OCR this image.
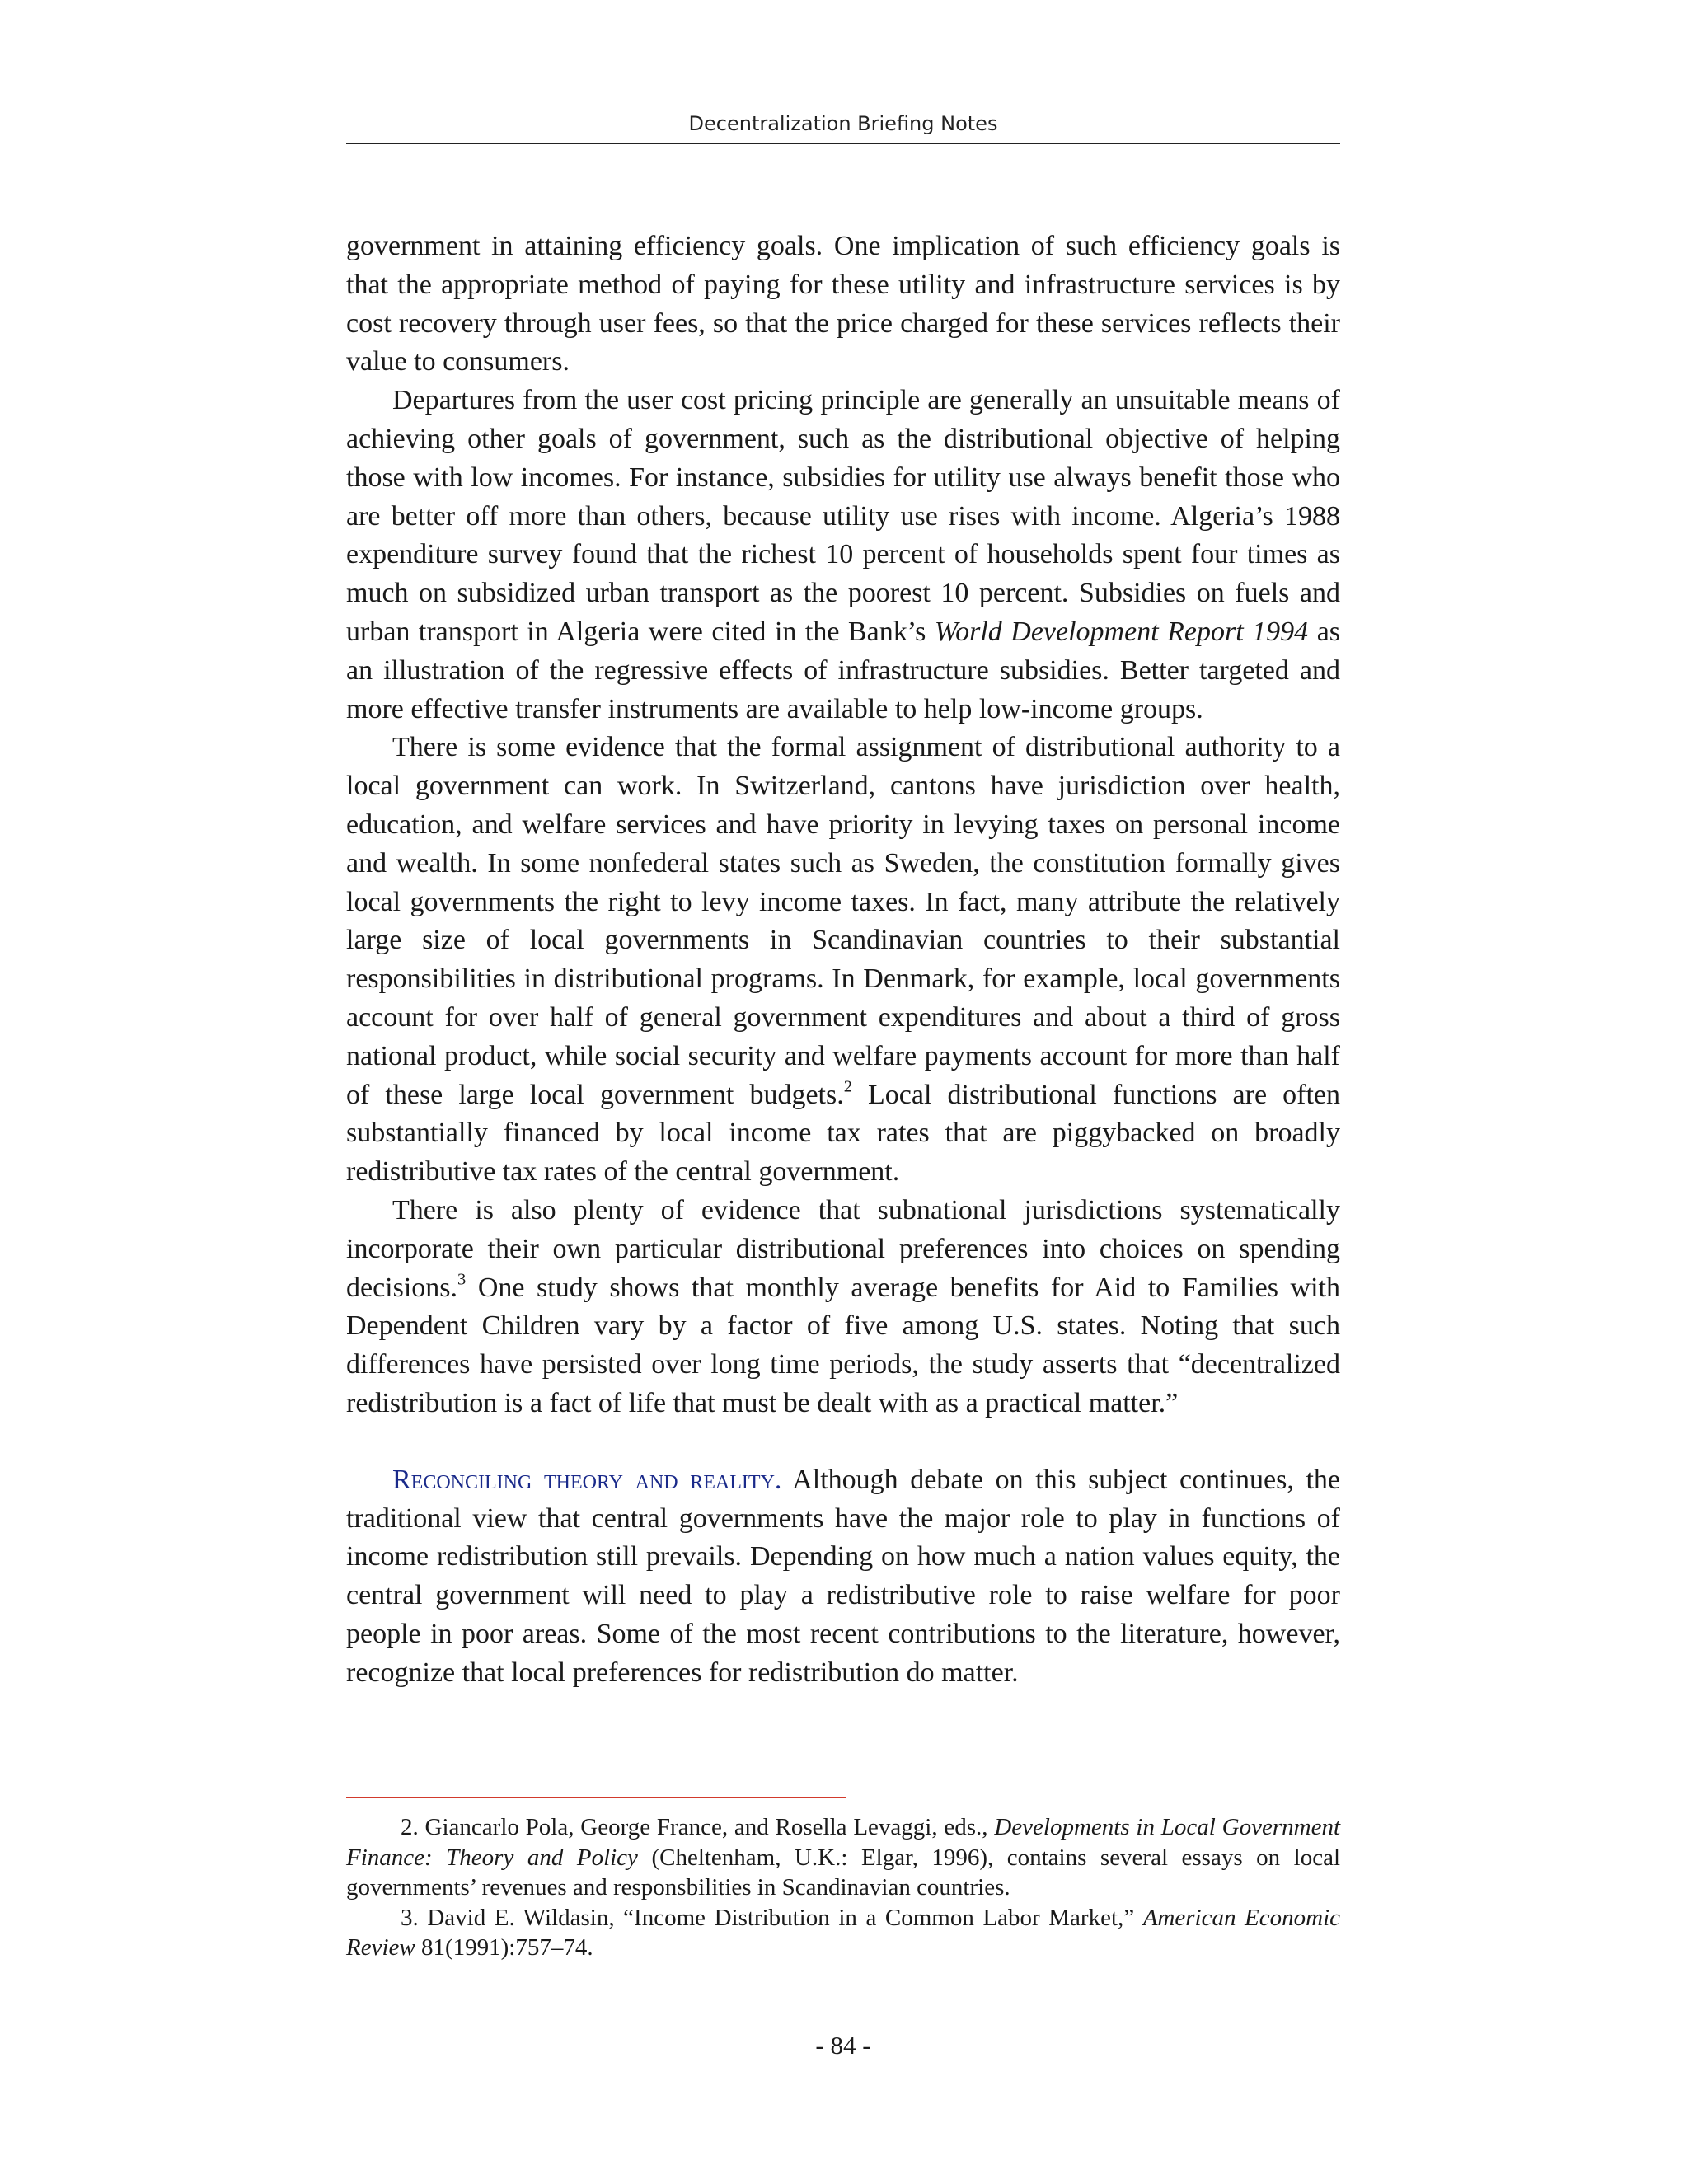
Decentralization Briefing Notes

government in attaining efficiency goals. One implication of such efficiency goals is that the appropriate method of paying for these utility and infrastructure services is by cost recovery through user fees, so that the price charged for these services reflects their value to consumers.

Departures from the user cost pricing principle are generally an unsuitable means of achieving other goals of government, such as the distributional objective of helping those with low incomes. For instance, subsidies for utility use always benefit those who are better off more than others, because utility use rises with income. Algeria’s 1988 expenditure survey found that the richest 10 percent of households spent four times as much on subsidized urban transport as the poorest 10 percent. Subsidies on fuels and urban transport in Algeria were cited in the Bank’s World Development Report 1994 as an illustration of the regressive effects of infrastructure subsidies. Better targeted and more effective transfer instruments are available to help low-income groups.

There is some evidence that the formal assignment of distributional authority to a local government can work. In Switzerland, cantons have jurisdiction over health, education, and welfare services and have priority in levying taxes on personal income and wealth. In some nonfederal states such as Sweden, the constitution formally gives local governments the right to levy income taxes. In fact, many attribute the relatively large size of local governments in Scandinavian countries to their substantial responsibilities in distributional programs. In Denmark, for example, local governments account for over half of general government expenditures and about a third of gross national product, while social security and welfare payments account for more than half of these large local government budgets.$^2$ Local distributional functions are often substantially financed by local income tax rates that are piggybacked on broadly redistributive tax rates of the central government.

There is also plenty of evidence that subnational jurisdictions systematically incorporate their own particular distributional preferences into choices on spending decisions.$^3$ One study shows that monthly average benefits for Aid to Families with Dependent Children vary by a factor of five among U.S. states. Noting that such differences have persisted over long time periods, the study asserts that “decentralized redistribution is a fact of life that must be dealt with as a practical matter.”

Reconciling theory and reality. Although debate on this subject continues, the traditional view that central governments have the major role to play in functions of income redistribution still prevails. Depending on how much a nation values equity, the central government will need to play a redistributive role to raise welfare for poor people in poor areas. Some of the most recent contributions to the literature, however, recognize that local preferences for redistribution do matter.

2. Giancarlo Pola, George France, and Rosella Levaggi, eds., Developments in Local Government Finance: Theory and Policy (Cheltenham, U.K.: Elgar, 1996), contains several essays on local governments’ revenues and responsbilities in Scandinavian countries.

3. David E. Wildasin, “Income Distribution in a Common Labor Market,” American Economic Review 81(1991):757–74.

- 84 -
